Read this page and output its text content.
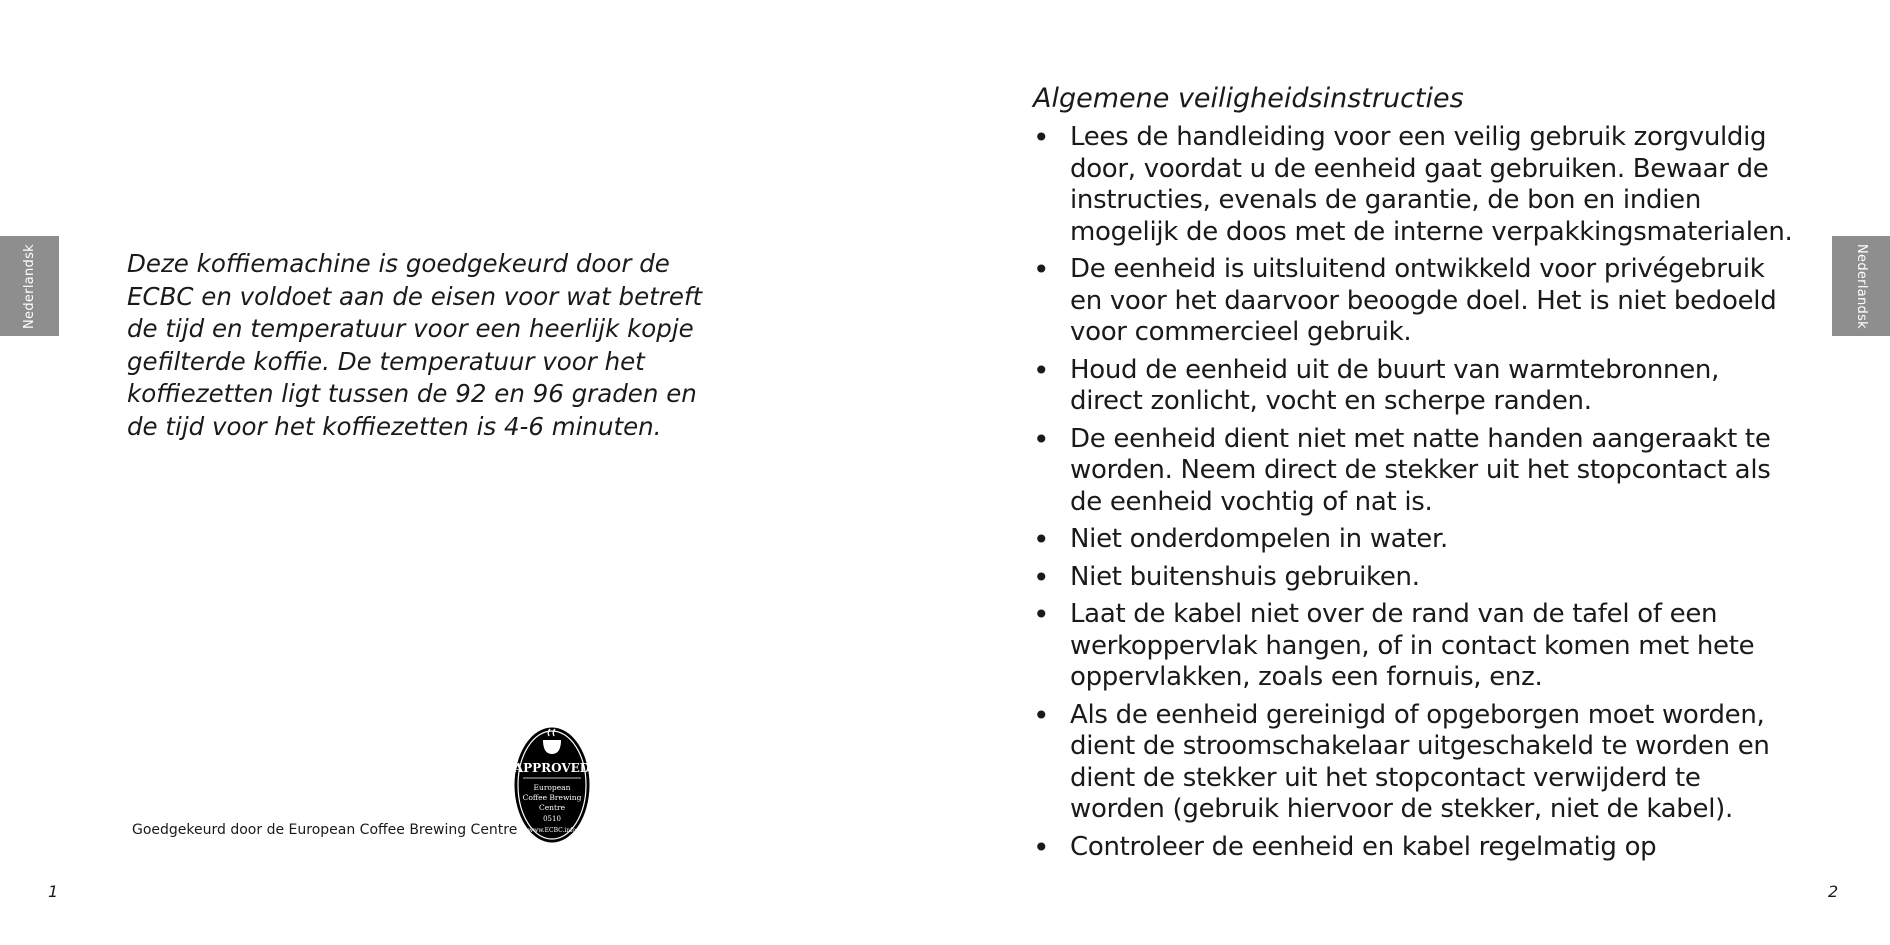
Nederlandsk	Deze koffiemachine is goedgekeurd door de ECBC en voldoet aan de eisen voor wat betreft de tijd en temperatuur voor een heerlijk kopje gefilterde koffie. De temperatuur voor het koffiezetten ligt tussen de 92 en 96 graden en de tijd voor het koffiezetten is 4-6 minuten.

Goedgekeurd door de European Coffee Brewing Centre

APPROVED
European
Coffee Brewing
Centre
0510
www.ECBC.info

1

Algemene veiligheidsinstructies
• Lees de handleiding voor een veilig gebruik zorgvuldig door, voordat u de eenheid gaat gebruiken. Bewaar de instructies, evenals de garantie, de bon en indien mogelijk de doos met de interne verpakkingsmaterialen.
• De eenheid is uitsluitend ontwikkeld voor privégebruik en voor het daarvoor beoogde doel. Het is niet bedoeld voor commercieel gebruik.
• Houd de eenheid uit de buurt van warmtebronnen, direct zonlicht, vocht en scherpe randen.
• De eenheid dient niet met natte handen aangeraakt te worden. Neem direct de stekker uit het stopcontact als de eenheid vochtig of nat is.
• Niet onderdompelen in water.
• Niet buitenshuis gebruiken.
• Laat de kabel niet over de rand van de tafel of een werkoppervlak hangen, of in contact komen met hete oppervlakken, zoals een fornuis, enz.
• Als de eenheid gereinigd of opgeborgen moet worden, dient de stroomschakelaar uitgeschakeld te worden en dient de stekker uit het stopcontact verwijderd te worden (gebruik hiervoor de stekker, niet de kabel).
• Controleer de eenheid en kabel regelmatig op
Nederlandsk

2
